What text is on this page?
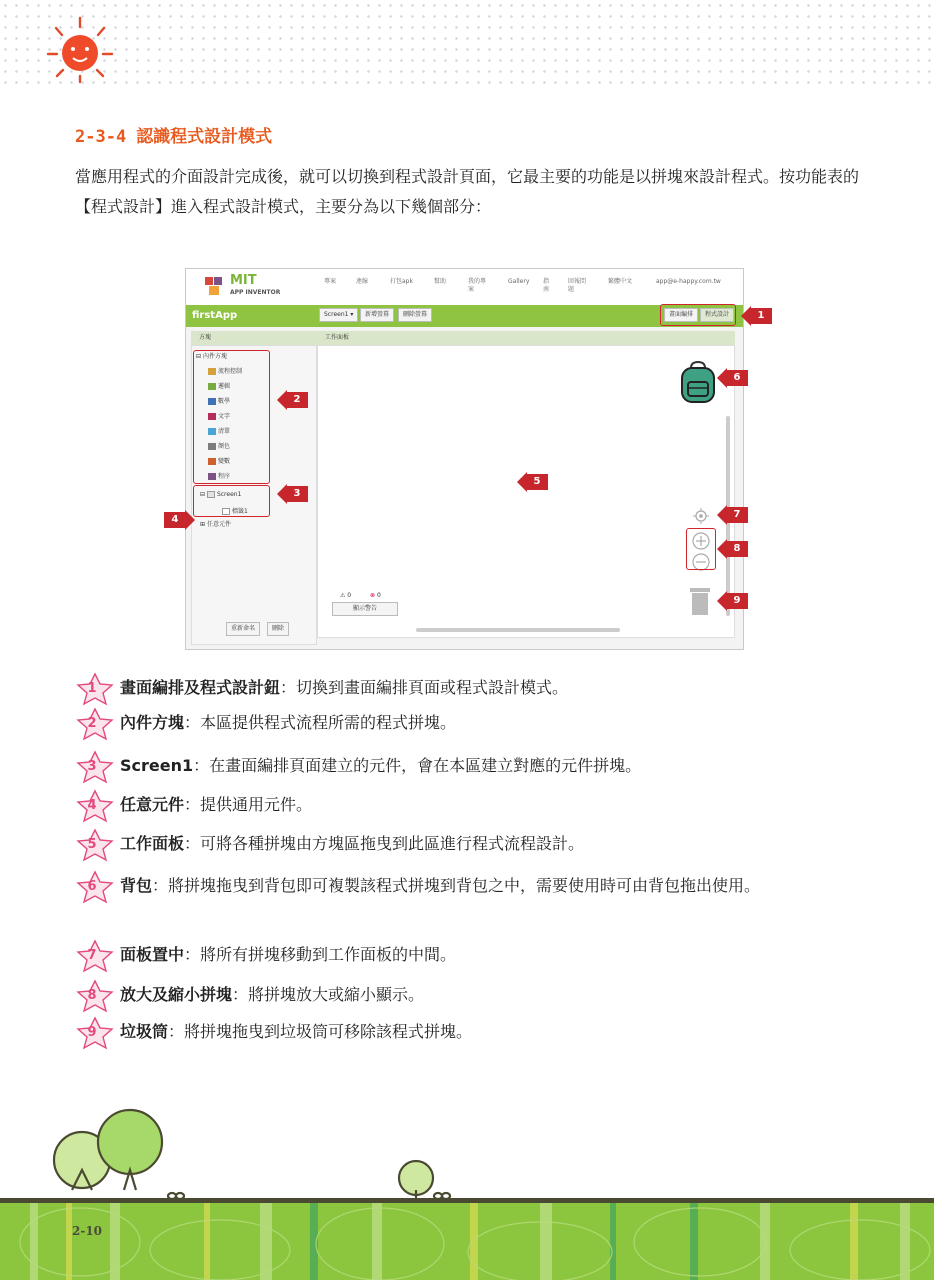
2-3-4 認識程式設計模式
當應用程式的介面設計完成後，就可以切換到程式設計頁面，它最主要的功能是以拼塊來設計程式。按功能表的【程式設計】進入程式設計模式，主要分為以下幾個部分：
MIT
APP INVENTOR
專案	連線	打包apk	幫助	我的專案
Gallery 指南
回報問題
繁體中文	app@e-happy.com.tw
firstApp	Screen1 ▾	新增螢幕	刪除螢幕	畫面編排	程式設計
方塊
⊟ 內件方塊
流程控制
邏輯
數學
文字
清單
顏色
變數
程序
⊟ Screen1
標籤1
⊞ 任意元件
重新命名	刪除
工作面板
⚠ 0	⊗ 0
顯示警告
1
2
3
4
5
6
7
8
9
1	畫面編排及程式設計鈕：切換到畫面編排頁面或程式設計模式。
2	內件方塊：本區提供程式流程所需的程式拼塊。
3	Screen1：在畫面編排頁面建立的元件，會在本區建立對應的元件拼塊。
4	任意元件：提供通用元件。
5	工作面板：可將各種拼塊由方塊區拖曳到此區進行程式流程設計。
6	背包：將拼塊拖曳到背包即可複製該程式拼塊到背包之中，需要使用時可由背包拖出使用。
7	面板置中：將所有拼塊移動到工作面板的中間。
8	放大及縮小拼塊：將拼塊放大或縮小顯示。
9	垃圾筒：將拼塊拖曳到垃圾筒可移除該程式拼塊。
2-10
